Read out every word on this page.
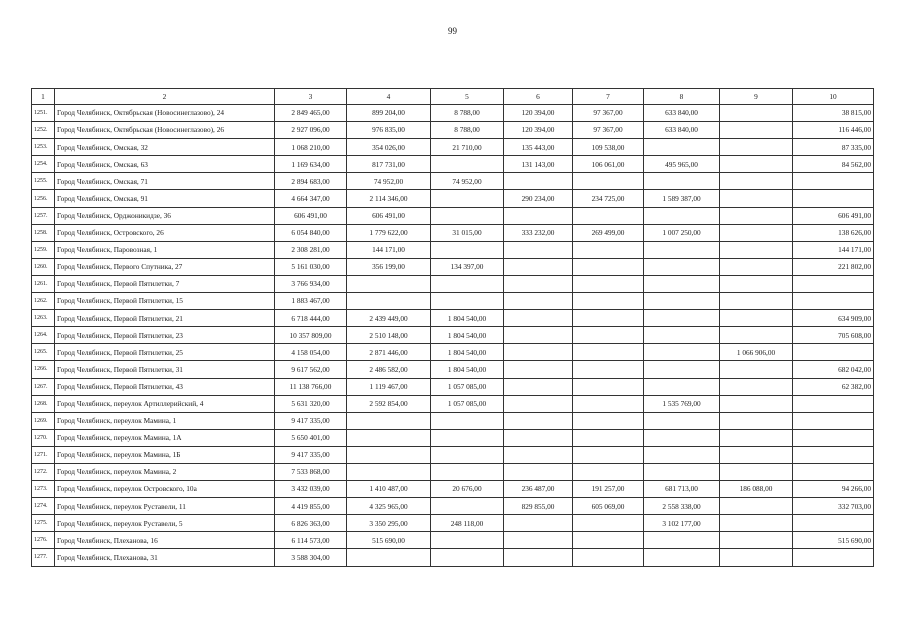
99
1	2	3	4	5	6	7	8	9	10
1251.	Город Челябинск, Октябрьская (Новосинеглазово), 24	2 849 465,00	899 204,00	8 788,00	120 394,00	97 367,00	633 840,00		38 815,00
1252.	Город Челябинск, Октябрьская (Новосинеглазово), 26	2 927 096,00	976 835,00	8 788,00	120 394,00	97 367,00	633 840,00		116 446,00
1253.	Город Челябинск, Омская, 32	1 068 210,00	354 026,00	21 710,00	135 443,00	109 538,00			87 335,00
1254.	Город Челябинск, Омская, 63	1 169 634,00	817 731,00		131 143,00	106 061,00	495 965,00		84 562,00
1255.	Город Челябинск, Омская, 71	2 894 683,00	74 952,00	74 952,00					
1256.	Город Челябинск, Омская, 91	4 664 347,00	2 114 346,00		290 234,00	234 725,00	1 589 387,00		
1257.	Город Челябинск, Орджоникидзе, 36	606 491,00	606 491,00						606 491,00
1258.	Город Челябинск, Островского, 26	6 054 840,00	1 779 622,00	31 015,00	333 232,00	269 499,00	1 007 250,00		138 626,00
1259.	Город Челябинск, Паровозная, 1	2 308 281,00	144 171,00						144 171,00
1260.	Город Челябинск, Первого Спутника, 27	5 161 030,00	356 199,00	134 397,00					221 802,00
1261.	Город Челябинск, Первой Пятилетки, 7	3 766 934,00							
1262.	Город Челябинск, Первой Пятилетки, 15	1 883 467,00							
1263.	Город Челябинск, Первой Пятилетки, 21	6 718 444,00	2 439 449,00	1 804 540,00					634 909,00
1264.	Город Челябинск, Первой Пятилетки, 23	10 357 809,00	2 510 148,00	1 804 540,00					705 608,00
1265.	Город Челябинск, Первой Пятилетки, 25	4 158 054,00	2 871 446,00	1 804 540,00				1 066 906,00	
1266.	Город Челябинск, Первой Пятилетки, 31	9 617 562,00	2 486 582,00	1 804 540,00					682 042,00
1267.	Город Челябинск, Первой Пятилетки, 43	11 138 766,00	1 119 467,00	1 057 085,00					62 382,00
1268.	Город Челябинск, переулок Артиллерийский, 4	5 631 320,00	2 592 854,00	1 057 085,00			1 535 769,00		
1269.	Город Челябинск, переулок Мамина, 1	9 417 335,00							
1270.	Город Челябинск, переулок Мамина, 1А	5 650 401,00							
1271.	Город Челябинск, переулок Мамина, 1Б	9 417 335,00							
1272.	Город Челябинск, переулок Мамина, 2	7 533 868,00							
1273.	Город Челябинск, переулок Островского, 10а	3 432 039,00	1 410 487,00	20 676,00	236 487,00	191 257,00	681 713,00	186 088,00	94 266,00
1274.	Город Челябинск, переулок Руставели, 11	4 419 855,00	4 325 965,00		829 855,00	605 069,00	2 558 338,00		332 703,00
1275.	Город Челябинск, переулок Руставели, 5	6 826 363,00	3 350 295,00	248 118,00			3 102 177,00		
1276.	Город Челябинск, Плеханова, 16	6 114 573,00	515 690,00						515 690,00
1277.	Город Челябинск, Плеханова, 31	3 588 304,00							
